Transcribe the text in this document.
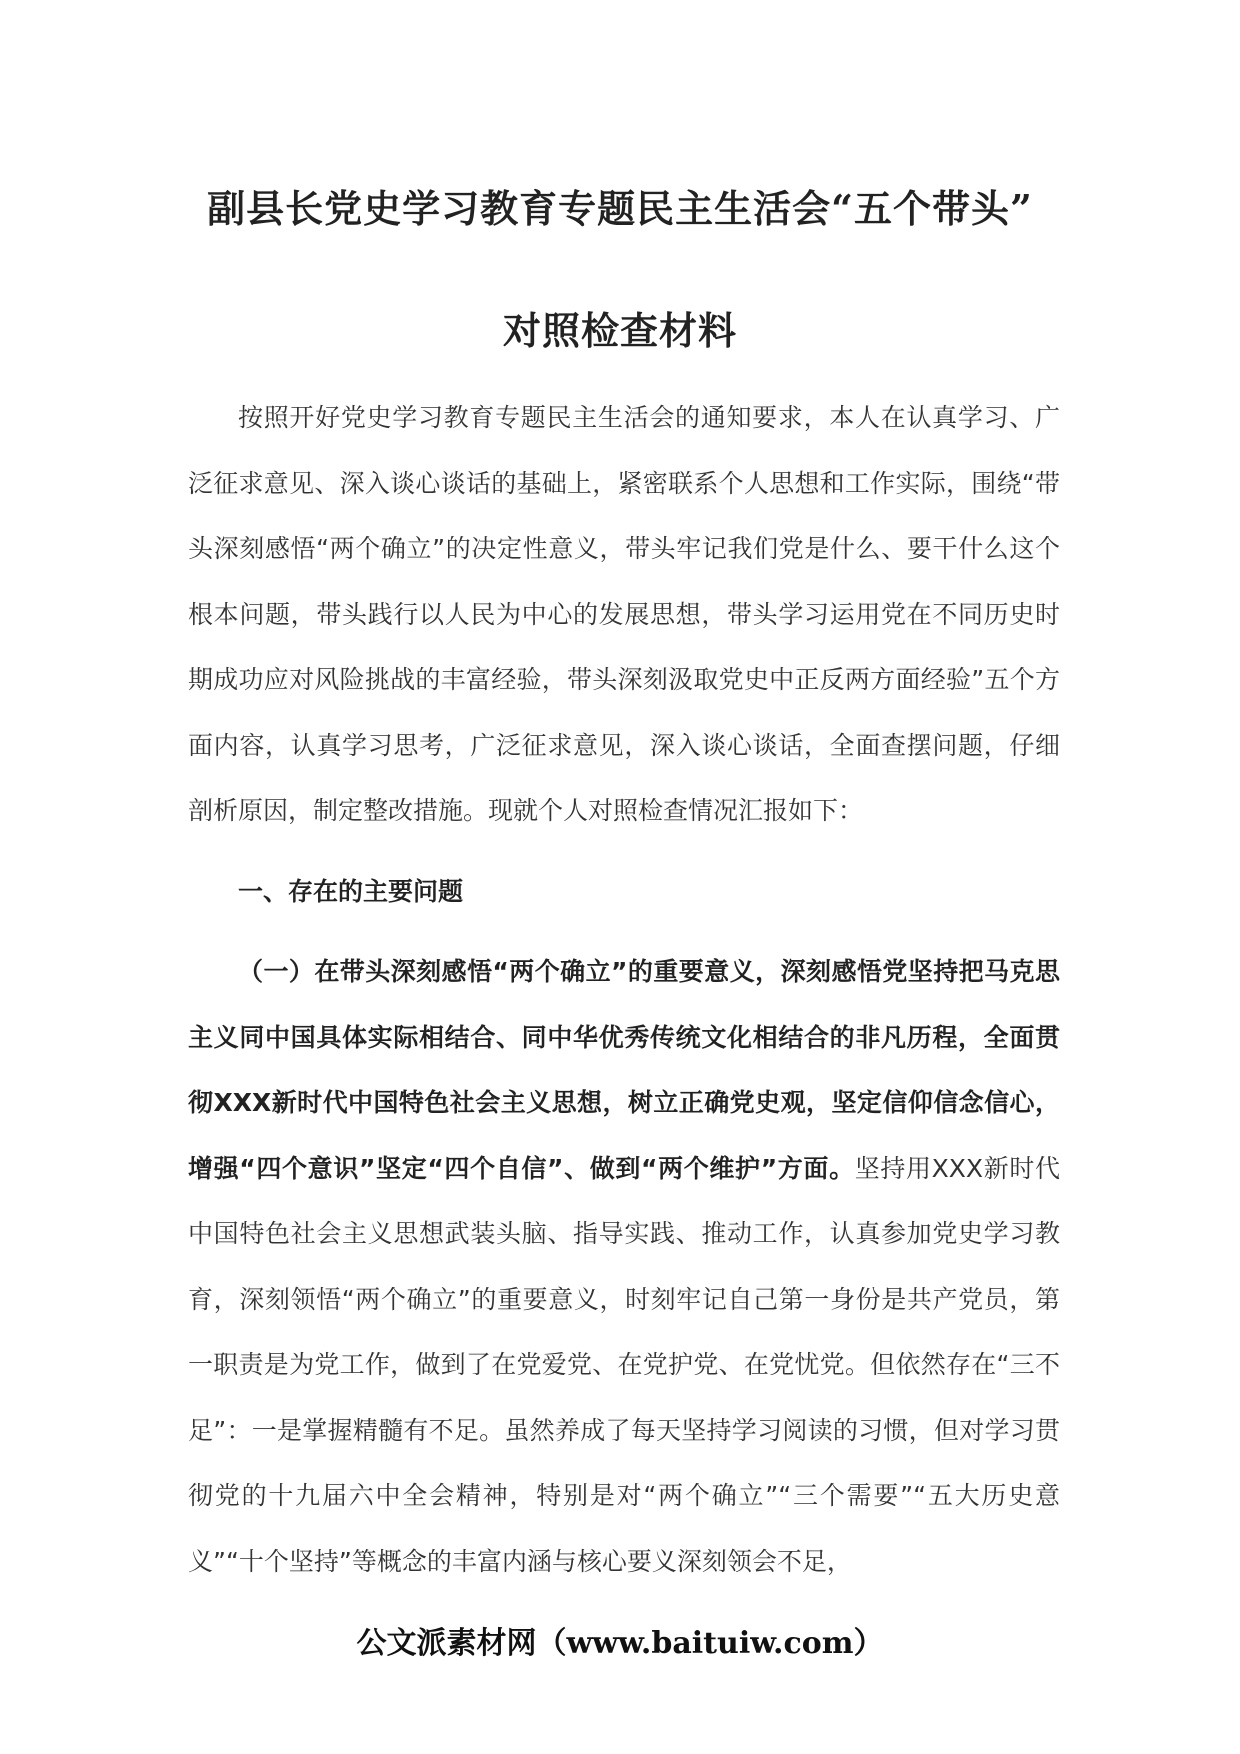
副县长党史学习教育专题民主生活会“五个带头”
对照检查材料

按照开好党史学习教育专题民主生活会的通知要求，本人在认真学习、广泛征求意见、深入谈心谈话的基础上，紧密联系个人思想和工作实际，围绕“带头深刻感悟“两个确立”的决定性意义，带头牢记我们党是什么、要干什么这个根本问题，带头践行以人民为中心的发展思想，带头学习运用党在不同历史时期成功应对风险挑战的丰富经验，带头深刻汲取党史中正反两方面经验”五个方面内容，认真学习思考，广泛征求意见，深入谈心谈话，全面查摆问题，仔细剖析原因，制定整改措施。现就个人对照检查情况汇报如下：

一、存在的主要问题

（一）在带头深刻感悟“两个确立”的重要意义，深刻感悟党坚持把马克思主义同中国具体实际相结合、同中华优秀传统文化相结合的非凡历程，全面贯彻XXX新时代中国特色社会主义思想，树立正确党史观，坚定信仰信念信心，增强“四个意识”坚定“四个自信”、做到“两个维护”方面。坚持用XXX新时代中国特色社会主义思想武装头脑、指导实践、推动工作，认真参加党史学习教育，深刻领悟“两个确立”的重要意义，时刻牢记自己第一身份是共产党员，第一职责是为党工作，做到了在党爱党、在党护党、在党忧党。但依然存在“三不足”：一是掌握精髓有不足。虽然养成了每天坚持学习阅读的习惯，但对学习贯彻党的十九届六中全会精神，特别是对“两个确立”“三个需要”“五大历史意义”“十个坚持”等概念的丰富内涵与核心要义深刻领会不足，

公文派素材网（www.baituiw.com）
